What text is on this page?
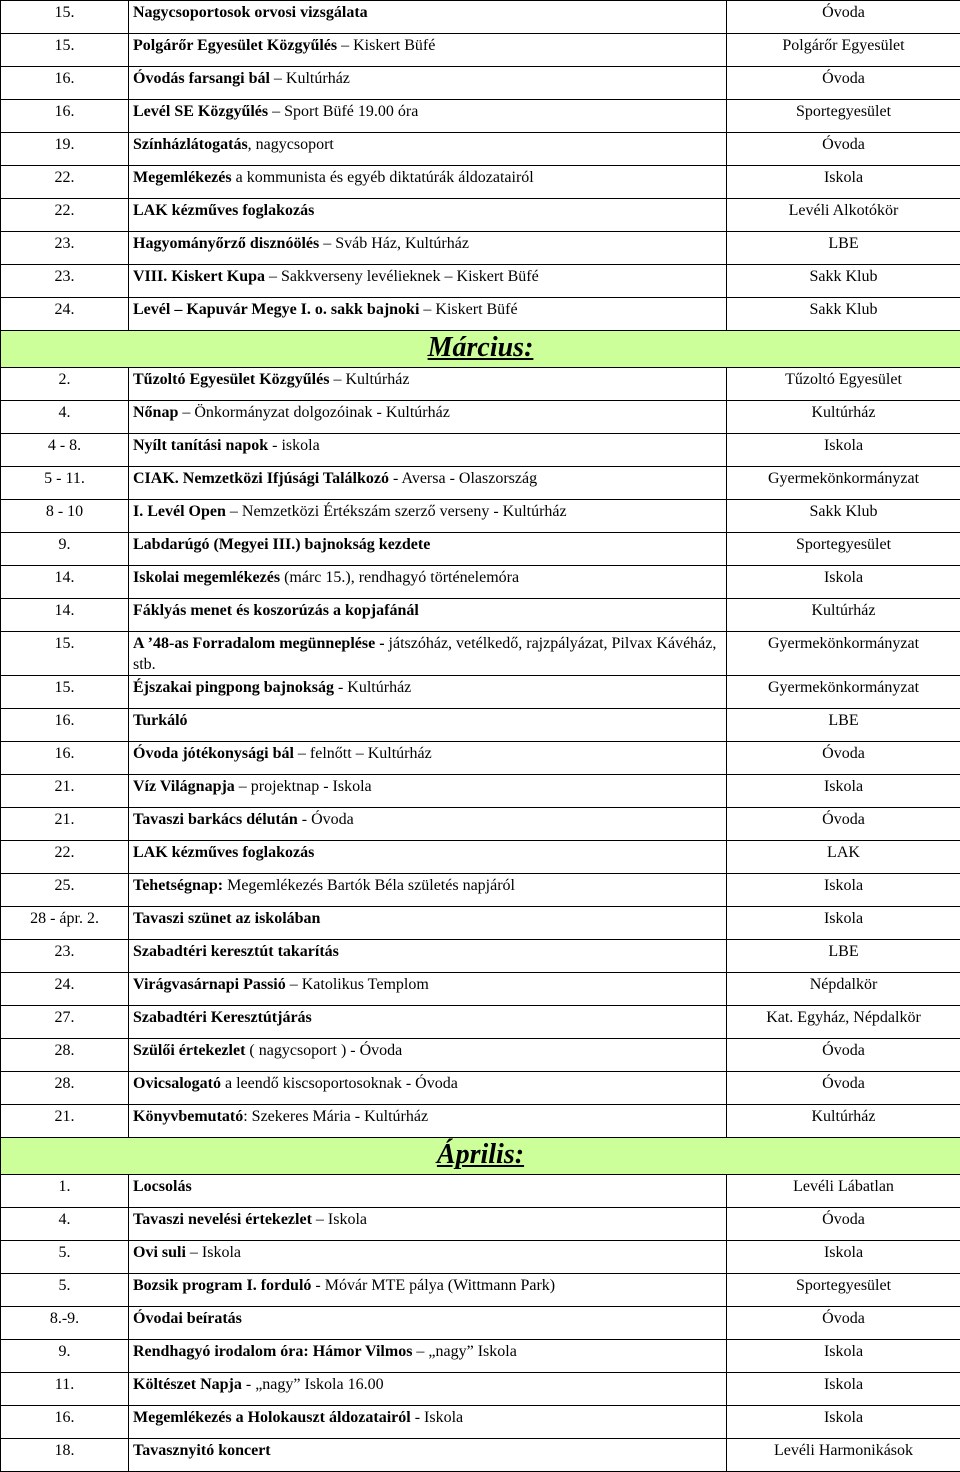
15.	Nagycsoportosok orvosi vizsgálata	Óvoda
15.	Polgárőr Egyesület Közgyűlés – Kiskert Büfé	Polgárőr Egyesület
16.	Óvodás farsangi bál – Kultúrház	Óvoda
16.	Levél SE Közgyűlés – Sport Büfé 19.00 óra	Sportegyesület
19.	Színházlátogatás, nagycsoport	Óvoda
22.	Megemlékezés a kommunista és egyéb diktatúrák áldozatairól	Iskola
22.	LAK kézműves foglakozás	Levéli Alkotókör
23.	Hagyományőrző disznóölés – Sváb Ház, Kultúrház	LBE
23.	VIII. Kiskert Kupa – Sakkverseny levélieknek – Kiskert Büfé	Sakk Klub
24.	Levél – Kapuvár Megye I. o. sakk bajnoki – Kiskert Büfé	Sakk Klub
Március:		
2.	Tűzoltó Egyesület Közgyűlés – Kultúrház	Tűzoltó Egyesület
4.	Nőnap – Önkormányzat dolgozóinak - Kultúrház	Kultúrház
4 - 8.	Nyílt tanítási napok - iskola	Iskola
5 - 11.	CIAK. Nemzetközi Ifjúsági Találkozó - Aversa - Olaszország	Gyermekönkormányzat
8 - 10	I. Levél Open – Nemzetközi Értékszám szerző verseny - Kultúrház	Sakk Klub
9.	Labdarúgó (Megyei III.) bajnokság kezdete	Sportegyesület
14.	Iskolai megemlékezés (márc 15.), rendhagyó történelemóra	Iskola
14.	Fáklyás menet és koszorúzás a kopjafánál	Kultúrház
15.	A ’48-as Forradalom megünneplése - játszóház, vetélkedő, rajzpályázat, Pilvax Kávéház, stb.	Gyermekönkormányzat
15.	Éjszakai pingpong bajnokság - Kultúrház	Gyermekönkormányzat
16.	Turkáló	LBE
16.	Óvoda jótékonysági bál – felnőtt – Kultúrház	Óvoda
21.	Víz Világnapja – projektnap - Iskola	Iskola
21.	Tavaszi barkács délután - Óvoda	Óvoda
22.	LAK kézműves foglakozás	LAK
25.	Tehetségnap: Megemlékezés Bartók Béla születés napjáról	Iskola
28 - ápr. 2.	Tavaszi szünet az iskolában	Iskola
23.	Szabadtéri keresztút takarítás	LBE
24.	Virágvasárnapi Passió – Katolikus Templom	Népdalkör
27.	Szabadtéri Keresztútjárás	Kat. Egyház, Népdalkör
28.	Szülői értekezlet ( nagycsoport ) - Óvoda	Óvoda
28.	Ovicsalogató a leendő kiscsoportosoknak - Óvoda	Óvoda
21.	Könyvbemutató: Szekeres Mária - Kultúrház	Kultúrház
Április:		
1.	Locsolás	Levéli Lábatlan
4.	Tavaszi nevelési értekezlet – Iskola	Óvoda
5.	Ovi suli – Iskola	Iskola
5.	Bozsik program I. forduló - Móvár MTE pálya (Wittmann Park)	Sportegyesület
8.-9.	Óvodai beíratás	Óvoda
9.	Rendhagyó irodalom óra: Hámor Vilmos – „nagy” Iskola	Iskola
11.	Költészet Napja - „nagy” Iskola 16.00	Iskola
16.	Megemlékezés a Holokauszt áldozatairól - Iskola	Iskola
18.	Tavasznyitó koncert	Levéli Harmonikások
